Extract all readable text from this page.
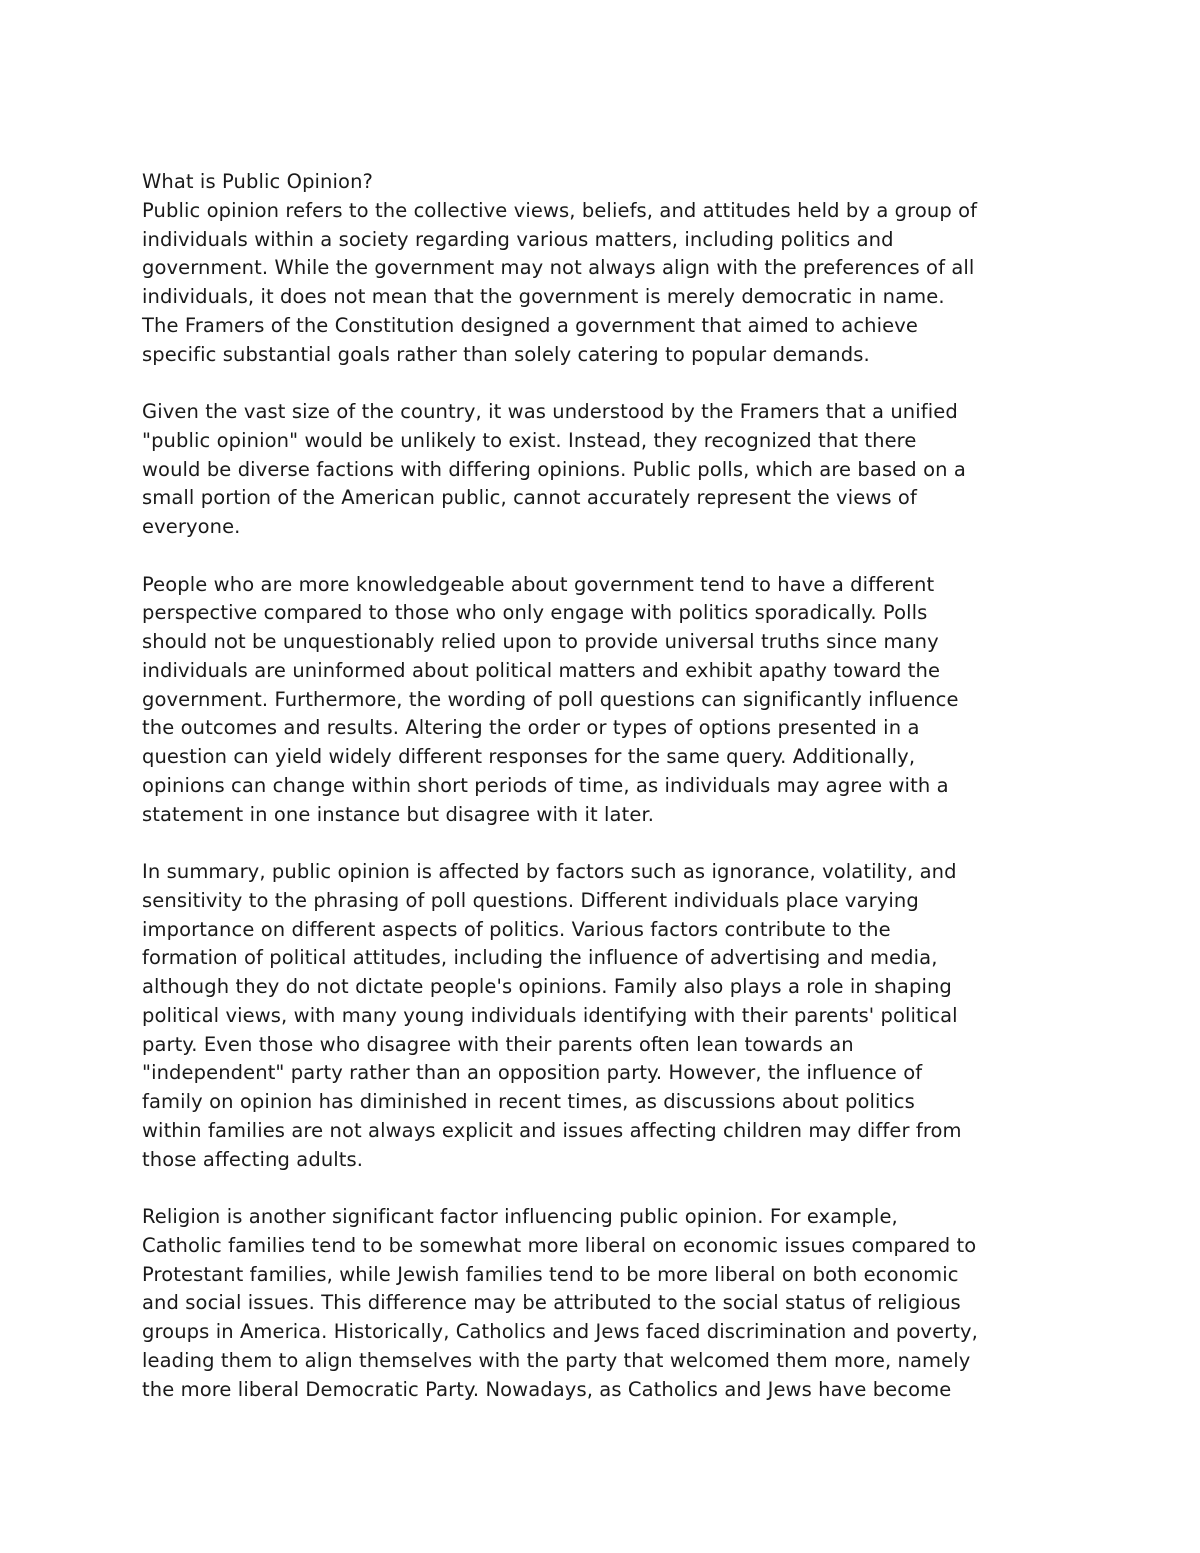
What is Public Opinion?
Public opinion refers to the collective views, beliefs, and attitudes held by a group of
individuals within a society regarding various matters, including politics and
government. While the government may not always align with the preferences of all
individuals, it does not mean that the government is merely democratic in name.
The Framers of the Constitution designed a government that aimed to achieve
specific substantial goals rather than solely catering to popular demands.
Given the vast size of the country, it was understood by the Framers that a unified
"public opinion" would be unlikely to exist. Instead, they recognized that there
would be diverse factions with differing opinions. Public polls, which are based on a
small portion of the American public, cannot accurately represent the views of
everyone.
People who are more knowledgeable about government tend to have a different
perspective compared to those who only engage with politics sporadically. Polls
should not be unquestionably relied upon to provide universal truths since many
individuals are uninformed about political matters and exhibit apathy toward the
government. Furthermore, the wording of poll questions can significantly influence
the outcomes and results. Altering the order or types of options presented in a
question can yield widely different responses for the same query. Additionally,
opinions can change within short periods of time, as individuals may agree with a
statement in one instance but disagree with it later.
In summary, public opinion is affected by factors such as ignorance, volatility, and
sensitivity to the phrasing of poll questions. Different individuals place varying
importance on different aspects of politics. Various factors contribute to the
formation of political attitudes, including the influence of advertising and media,
although they do not dictate people's opinions. Family also plays a role in shaping
political views, with many young individuals identifying with their parents' political
party. Even those who disagree with their parents often lean towards an
"independent" party rather than an opposition party. However, the influence of
family on opinion has diminished in recent times, as discussions about politics
within families are not always explicit and issues affecting children may differ from
those affecting adults.
Religion is another significant factor influencing public opinion. For example,
Catholic families tend to be somewhat more liberal on economic issues compared to
Protestant families, while Jewish families tend to be more liberal on both economic
and social issues. This difference may be attributed to the social status of religious
groups in America. Historically, Catholics and Jews faced discrimination and poverty,
leading them to align themselves with the party that welcomed them more, namely
the more liberal Democratic Party. Nowadays, as Catholics and Jews have become
